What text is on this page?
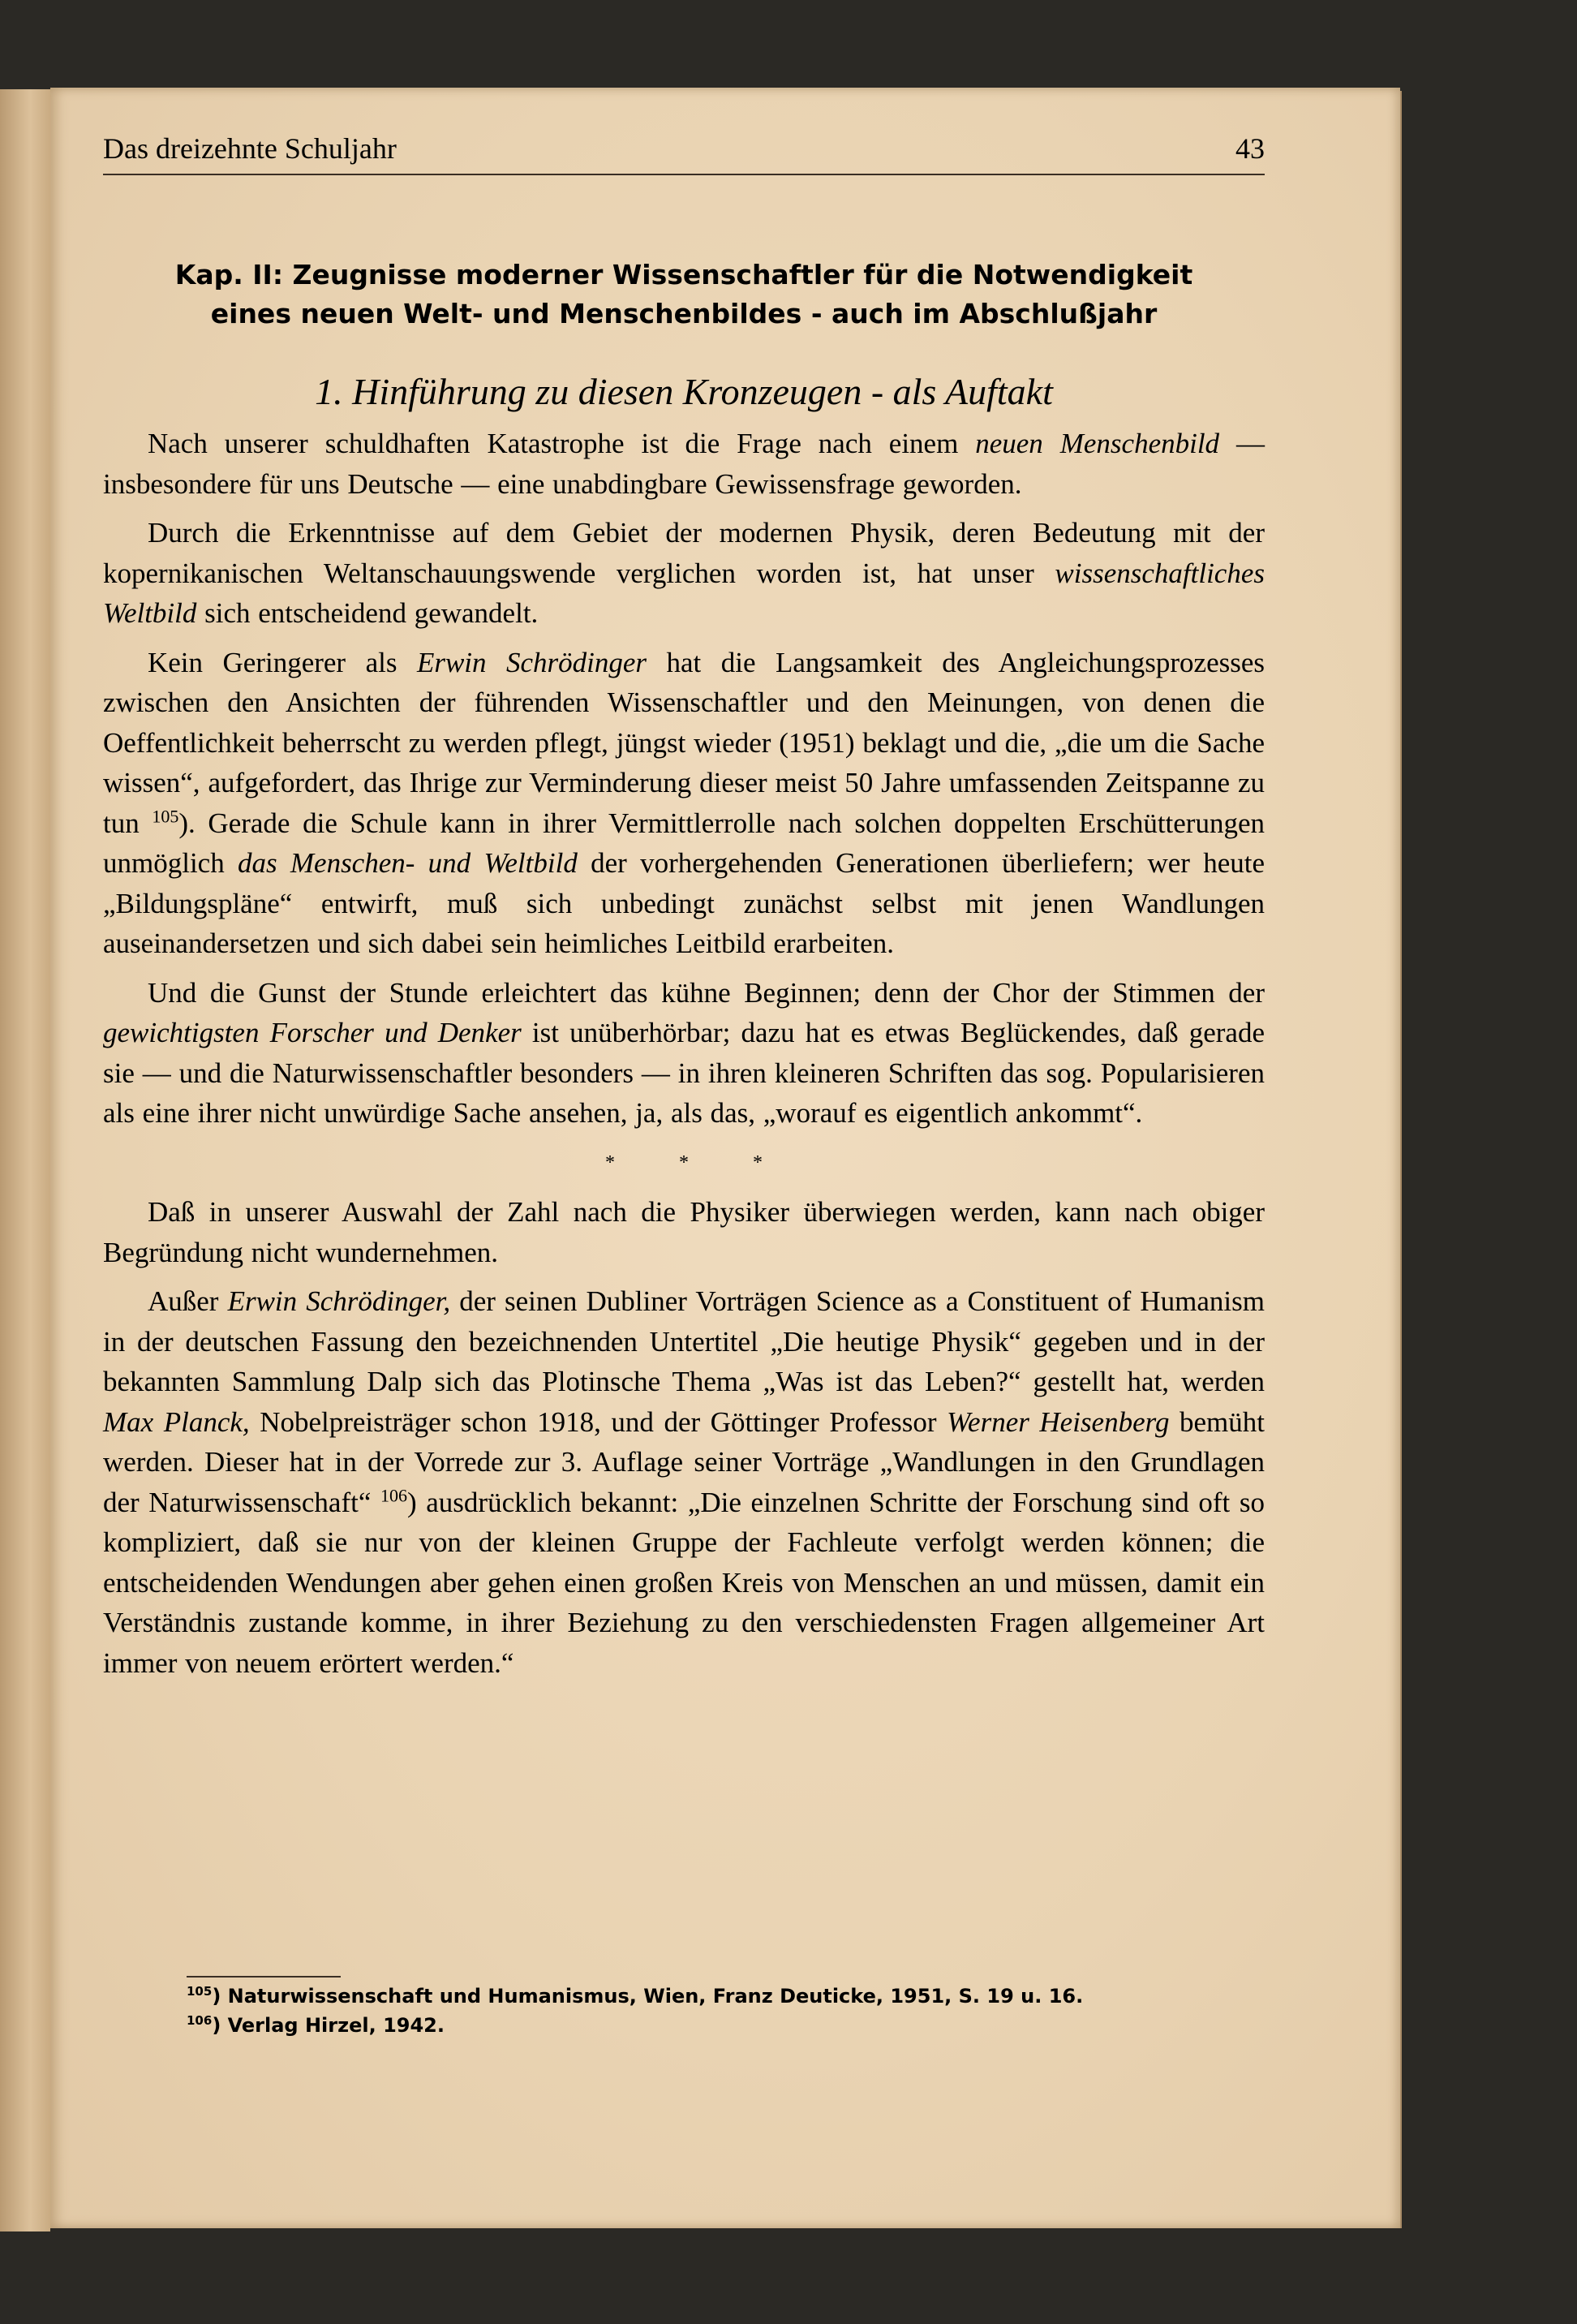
Das dreizehnte Schuljahr	43
Kap. II: Zeugnisse moderner Wissenschaftler für die Notwendigkeit
eines neuen Welt- und Menschenbildes - auch im Abschlußjahr
1. Hinführung zu diesen Kronzeugen - als Auftakt

Nach unserer schuldhaften Katastrophe ist die Frage nach einem neuen Menschenbild — insbesondere für uns Deutsche — eine unabdingbare Gewissensfrage geworden.

Durch die Erkenntnisse auf dem Gebiet der modernen Physik, deren Bedeutung mit der kopernikanischen Weltanschauungswende verglichen worden ist, hat unser wissenschaftliches Weltbild sich entscheidend gewandelt.

Kein Geringerer als Erwin Schrödinger hat die Langsamkeit des Angleichungsprozesses zwischen den Ansichten der führenden Wissenschaftler und den Meinungen, von denen die Oeffentlichkeit beherrscht zu werden pflegt, jüngst wieder (1951) beklagt und die, „die um die Sache wissen“, aufgefordert, das Ihrige zur Verminderung dieser meist 50 Jahre umfassenden Zeitspanne zu tun $^{105}$). Gerade die Schule kann in ihrer Vermittlerrolle nach solchen doppelten Erschütterungen unmöglich das Menschen- und Weltbild der vorhergehenden Generationen überliefern; wer heute „Bildungspläne“ entwirft, muß sich unbedingt zunächst selbst mit jenen Wandlungen auseinandersetzen und sich dabei sein heimliches Leitbild erarbeiten.

Und die Gunst der Stunde erleichtert das kühne Beginnen; denn der Chor der Stimmen der gewichtigsten Forscher und Denker ist unüberhörbar; dazu hat es etwas Beglückendes, daß gerade sie — und die Naturwissenschaftler besonders — in ihren kleineren Schriften das sog. Popularisieren als eine ihrer nicht unwürdige Sache ansehen, ja, als das, „worauf es eigentlich ankommt“.

* * *

Daß in unserer Auswahl der Zahl nach die Physiker überwiegen werden, kann nach obiger Begründung nicht wundernehmen.

Außer Erwin Schrödinger, der seinen Dubliner Vorträgen Science as a Constituent of Humanism in der deutschen Fassung den bezeichnenden Untertitel „Die heutige Physik“ gegeben und in der bekannten Sammlung Dalp sich das Plotinsche Thema „Was ist das Leben?“ gestellt hat, werden Max Planck, Nobelpreisträger schon 1918, und der Göttinger Professor Werner Heisenberg bemüht werden. Dieser hat in der Vorrede zur 3. Auflage seiner Vorträge „Wandlungen in den Grundlagen der Naturwissenschaft“ $^{106}$) ausdrücklich bekannt: „Die einzelnen Schritte der Forschung sind oft so kompliziert, daß sie nur von der kleinen Gruppe der Fachleute verfolgt werden können; die entscheidenden Wendungen aber gehen einen großen Kreis von Menschen an und müssen, damit ein Verständnis zustande komme, in ihrer Beziehung zu den verschiedensten Fragen allgemeiner Art immer von neuem erörtert werden.“

$^{105}$) Naturwissenschaft und Humanismus, Wien, Franz Deuticke, 1951, S. 19 u. 16.
$^{106}$) Verlag Hirzel, 1942.
